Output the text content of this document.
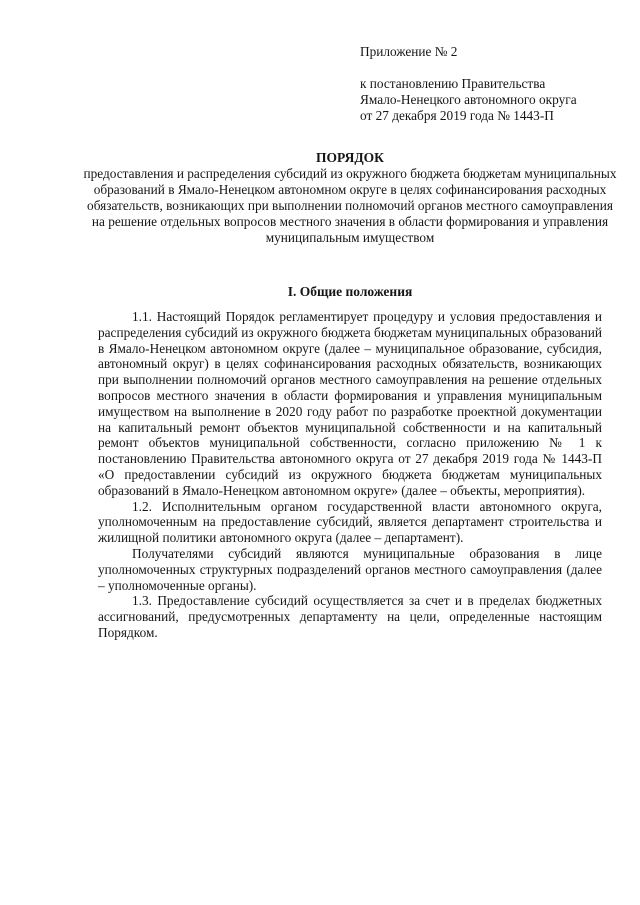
Приложение № 2
к постановлению Правительства
Ямало-Ненецкого автономного округа
от 27 декабря 2019 года № 1443-П
ПОРЯДОК
предоставления и распределения субсидий из окружного бюджета бюджетам муниципальных образований в Ямало-Ненецком автономном округе в целях софинансирования расходных обязательств, возникающих при выполнении полномочий органов местного самоуправления на решение отдельных вопросов местного значения в области формирования и управления муниципальным имуществом
I. Общие положения

1.1. Настоящий Порядок регламентирует процедуру и условия предоставления и распределения субсидий из окружного бюджета бюджетам муниципальных образований в Ямало-Ненецком автономном округе (далее – муниципальное образование, субсидия, автономный округ) в целях софинансирования расходных обязательств, возникающих при выполнении полномочий органов местного самоуправления на решение отдельных вопросов местного значения в области формирования и управления муниципальным имуществом на выполнение в 2020 году работ по разработке проектной документации на капитальный ремонт объектов муниципальной собственности и на капитальный ремонт объектов муниципальной собственности, согласно приложению № 1 к постановлению Правительства автономного округа от 27 декабря 2019 года № 1443-П «О предоставлении субсидий из окружного бюджета бюджетам муниципальных образований в Ямало-Ненецком автономном округе» (далее – объекты, мероприятия).

1.2. Исполнительным органом государственной власти автономного округа, уполномоченным на предоставление субсидий, является департамент строительства и жилищной политики автономного округа (далее – департамент).

Получателями субсидий являются муниципальные образования в лице уполномоченных структурных подразделений органов местного самоуправления (далее – уполномоченные органы).

1.3. Предоставление субсидий осуществляется за счет и в пределах бюджетных ассигнований, предусмотренных департаменту на цели, определенные настоящим Порядком.
